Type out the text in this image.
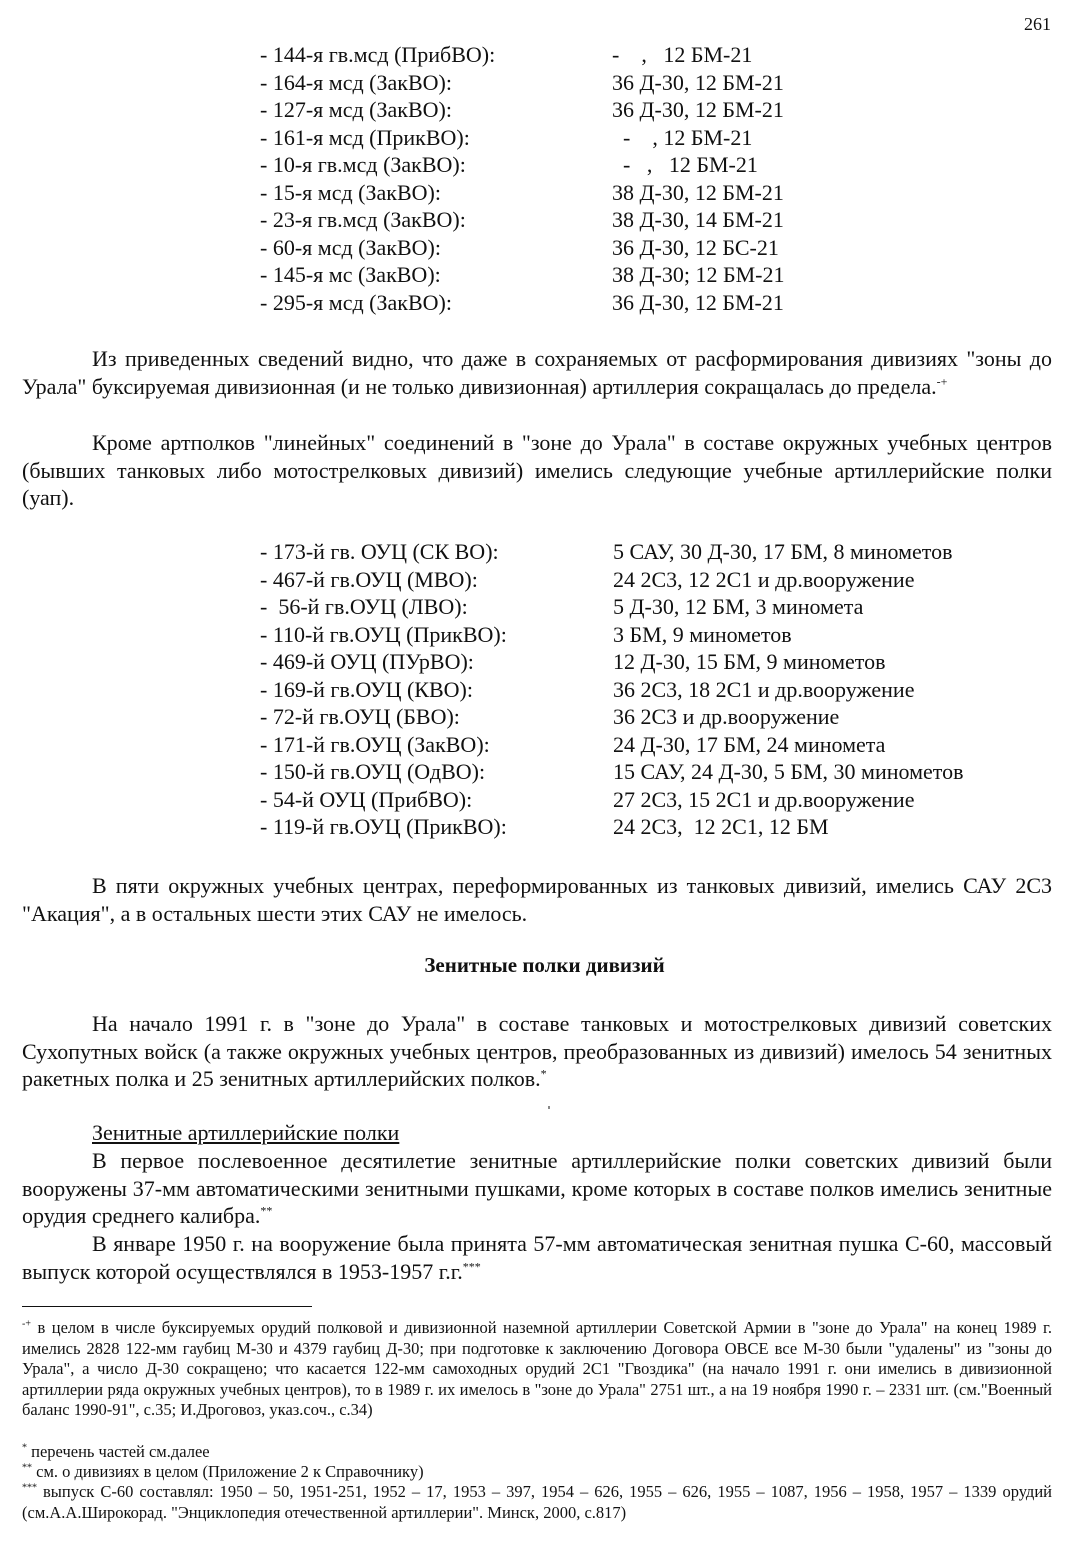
261
- 144-я гв.мсд (ПрибВО):	-    ,   12 БМ-21
- 164-я мсд (ЗакВО):	36 Д-30, 12 БМ-21
- 127-я мсд (ЗакВО):	36 Д-30, 12 БМ-21
- 161-я мсд (ПрикВО):	-    , 12 БМ-21
- 10-я гв.мсд (ЗакВО):	-   ,   12 БМ-21
- 15-я мсд (ЗакВО):	38 Д-30, 12 БМ-21
- 23-я гв.мсд (ЗакВО):	38 Д-30, 14 БМ-21
- 60-я мсд (ЗакВО):	36 Д-30, 12 БС-21
- 145-я мс (ЗакВО):	38 Д-30; 12 БМ-21
- 295-я мсд (ЗакВО):	36 Д-30, 12 БМ-21

Из приведенных сведений видно, что даже в сохраняемых от расформирования дивизиях "зоны до Урала" буксируемая дивизионная (и не только дивизионная) артиллерия сокращалась до предела.-+

Кроме артполков "линейных" соединений в "зоне до Урала" в составе окружных учебных центров (бывших танковых либо мотострелковых дивизий) имелись следующие учебные артиллерийские полки (уап).

- 173-й гв. ОУЦ (СК ВО):	5 САУ, 30 Д-30, 17 БМ, 8 минометов
- 467-й гв.ОУЦ (МВО):	24 2С3, 12 2С1 и др.вооружение
-  56-й гв.ОУЦ (ЛВО):	5 Д-30, 12 БМ, 3 миномета
- 110-й гв.ОУЦ (ПрикВО):	3 БМ, 9 минометов
- 469-й ОУЦ (ПУрВО):	12 Д-30, 15 БМ, 9 минометов
- 169-й гв.ОУЦ (КВО):	36 2С3, 18 2С1 и др.вооружение
- 72-й гв.ОУЦ (БВО):	36 2С3 и др.вооружение
- 171-й гв.ОУЦ (ЗакВО):	24 Д-30, 17 БМ, 24 миномета
- 150-й гв.ОУЦ (ОдВО):	15 САУ, 24 Д-30, 5 БМ, 30 минометов
- 54-й ОУЦ (ПрибВО):	27 2С3, 15 2С1 и др.вооружение
- 119-й гв.ОУЦ (ПрикВО):	24 2С3,  12 2С1, 12 БМ

В пяти окружных учебных центрах, переформированных из танковых дивизий, имелись САУ 2С3 "Акация", а в остальных шести этих САУ не имелось.

Зенитные полки дивизий

На начало 1991 г. в "зоне до Урала" в составе танковых и мотострелковых дивизий советских Сухопутных войск (а также окружных учебных центров, преобразованных из дивизий) имелось 54 зенитных ракетных полка и 25 зенитных артиллерийских полков.*

Зенитные артиллерийские полки

В первое послевоенное десятилетие зенитные артиллерийские полки советских дивизий были вооружены 37-мм автоматическими зенитными пушками, кроме которых в составе полков имелись зенитные орудия среднего калибра.**

В январе 1950 г. на вооружение была принята 57-мм автоматическая зенитная пушка С-60, массовый выпуск которой осуществлялся в 1953-1957 г.г.***

-+ в целом в числе буксируемых орудий полковой и дивизионной наземной артиллерии Советской Армии в "зоне до Урала" на конец 1989 г. имелись 2828 122-мм гаубиц М-30 и 4379 гаубиц Д-30; при подготовке к заключению Договора ОВСЕ все М-30 были "удалены" из "зоны до Урала", а число Д-30 сокращено; что касается 122-мм самоходных орудий 2С1 "Гвоздика" (на начало 1991 г. они имелись в дивизионной артиллерии ряда окружных учебных центров), то в 1989 г. их имелось в "зоне до Урала" 2751 шт., а на 19 ноября 1990 г. – 2331 шт. (см."Военный баланс 1990-91", с.35; И.Дроговоз, указ.соч., с.34)

* перечень частей см.далее

** см. о дивизиях в целом (Приложение 2 к Справочнику)

*** выпуск С-60 составлял: 1950 – 50, 1951-251, 1952 – 17, 1953 – 397, 1954 – 626, 1955 – 626, 1955 – 1087, 1956 – 1958, 1957 – 1339 орудий (см.А.А.Широкорад. "Энциклопедия отечественной артиллерии". Минск, 2000, с.817)
